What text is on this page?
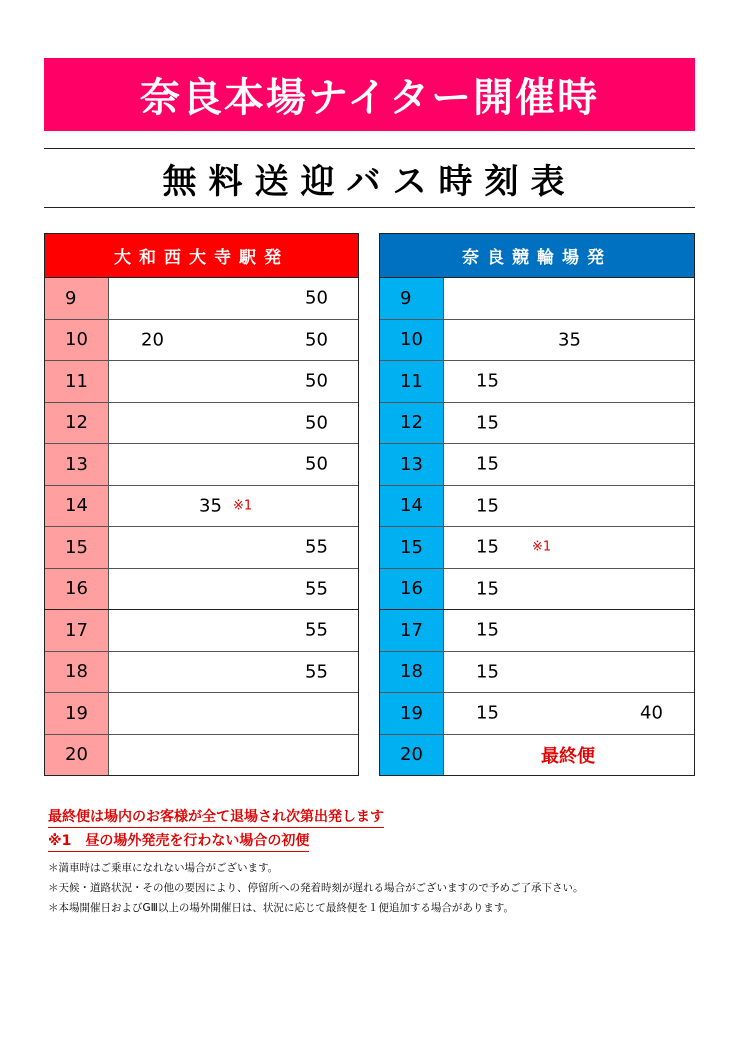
奈良本場ナイター開催時
無料送迎バス時刻表
大和西大寺駅発
9	50
10	20	50
11	50
12	50
13	50
14	35 ※1
15	55
16	55
17	55
18	55
19
20
奈良競輪場発
9
10	35
11	15
12	15
13	15
14	15
15	15	※1
16	15
17	15
18	15
19	15	40
20	最終便
最終便は場内のお客様が全て退場され次第出発します
※1　昼の場外発売を行わない場合の初便
＊満車時はご乗車になれない場合がございます。
＊天候・道路状況・その他の要因により、停留所への発着時刻が遅れる場合がございますので予めご了承下さい。
＊本場開催日およびGⅢ以上の場外開催日は、状況に応じて最終便を１便追加する場合があります。
